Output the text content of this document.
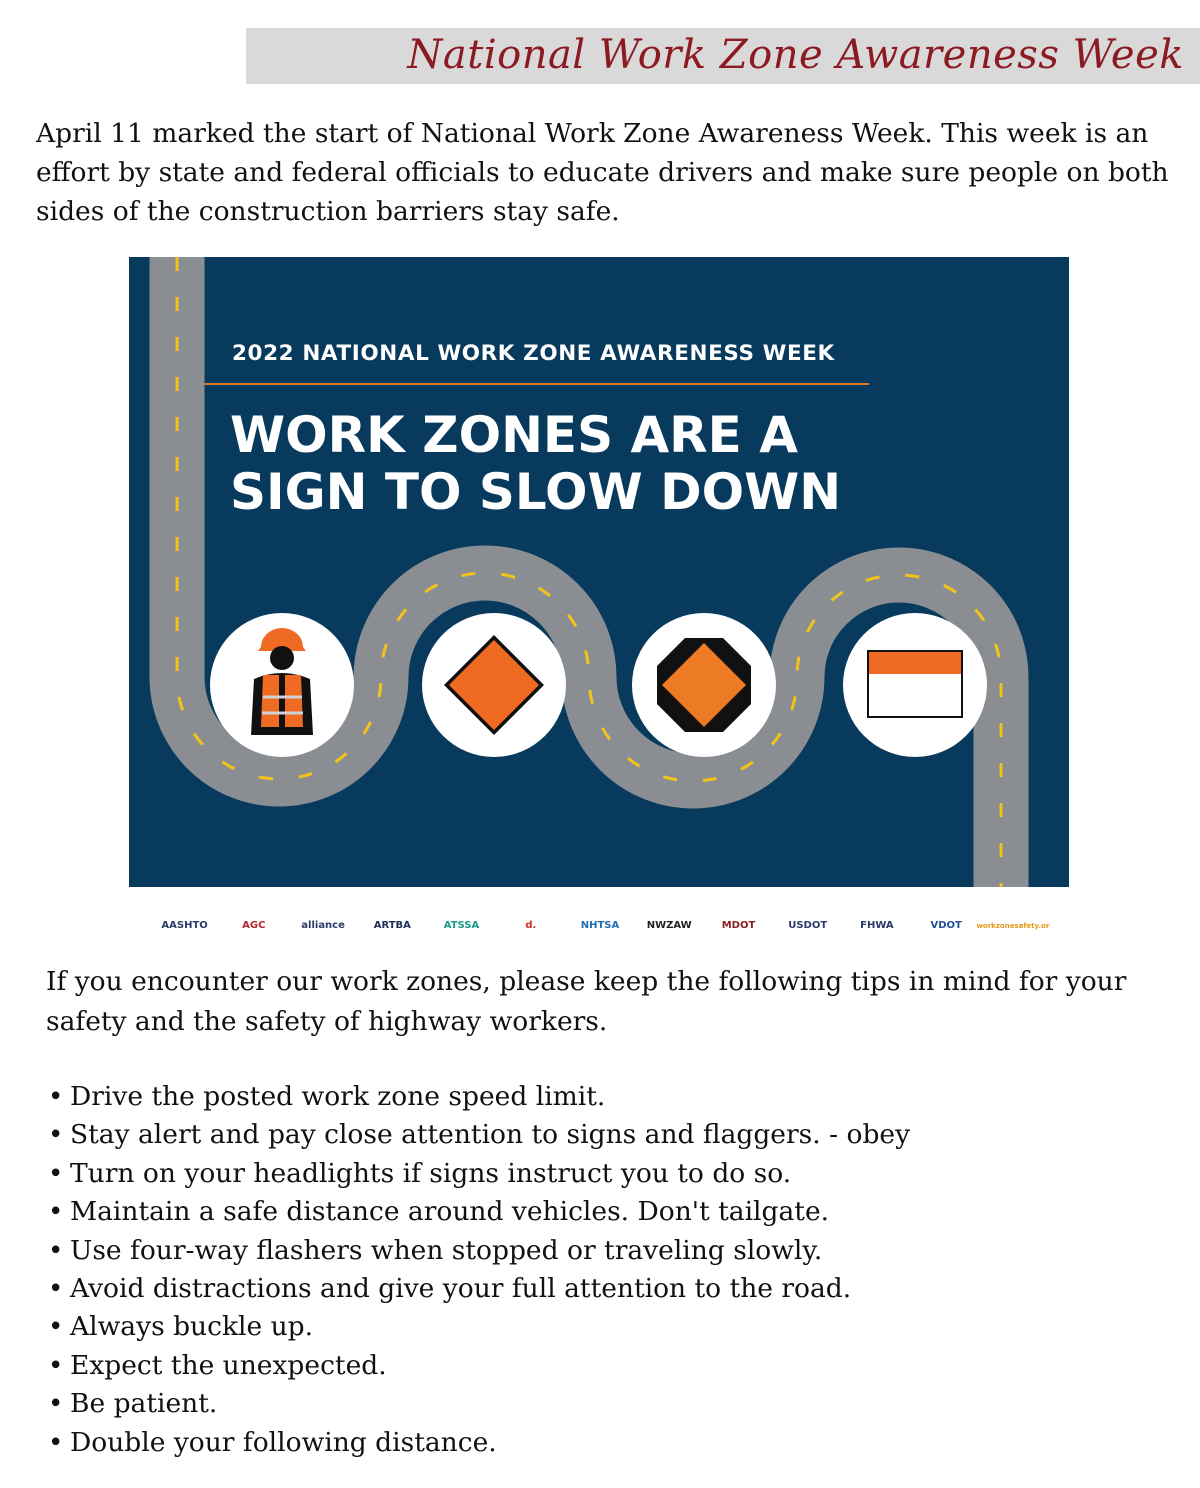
National Work Zone Awareness Week

April 11 marked the start of National Work Zone Awareness Week. This week is an effort by state and federal officials to educate drivers and make sure people on both sides of the construction barriers stay safe.

2022 NATIONAL WORK ZONE AWARENESS WEEK
WORK ZONES ARE A
SIGN TO SLOW DOWN
AASHTO	AGC	alliance	ARTBA	ATSSA	d.	NHTSA	NWZAW	MDOT	USDOT	FHWA	VDOT workzonesafety.org

If you encounter our work zones, please keep the following tips in mind for your safety and the safety of highway workers.

• Drive the posted work zone speed limit.
• Stay alert and pay close attention to signs and flaggers. - obey
• Turn on your headlights if signs instruct you to do so.
• Maintain a safe distance around vehicles. Don't tailgate.
• Use four-way flashers when stopped or traveling slowly.
• Avoid distractions and give your full attention to the road.
• Always buckle up.
• Expect the unexpected.
• Be patient.
• Double your following distance.
